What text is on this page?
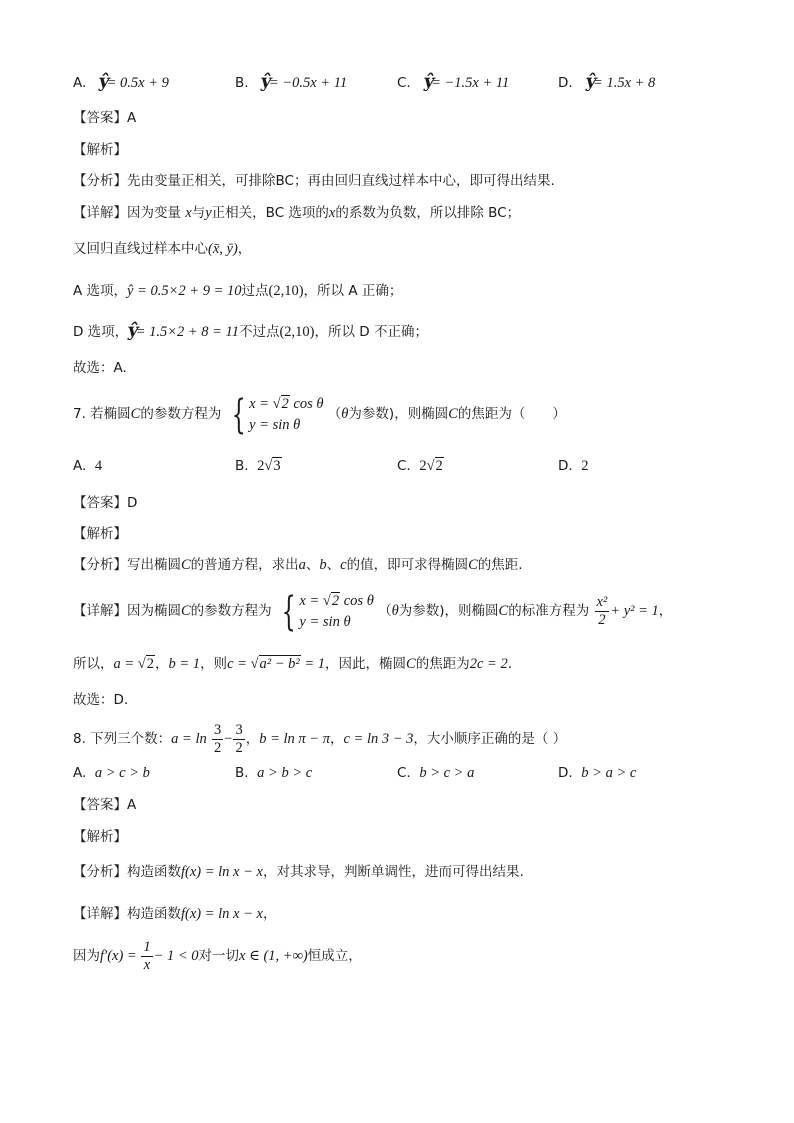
A. ŷ= 0.5x + 9	B. ŷ= −0.5x + 11	C. ŷ= −1.5x + 11	D. ŷ= 1.5x + 8
【答案】A
【解析】
【分析】先由变量正相关，可排除BC；再由回归直线过样本中心，即可得出结果.
【详解】因为变量 x与y正相关，BC 选项的x的系数为负数，所以排除 BC；
又回归直线过样本中心(x̄, ȳ)，
A 选项，ŷ = 0.5×2 + 9 = 10过点(2,10)，所以 A 正确；
D 选项，ŷ= 1.5×2 + 8 = 11不过点(2,10)，所以 D 不正确；
故选：A.
7. 若椭圆C的参数方程为 { x = √2 cos θ
y = sin θ
（θ为参数)，则椭圆C的焦距为（　　）
A. 4	B. 2√3	C. 2√2	D. 2
【答案】D
【解析】
【分析】写出椭圆C的普通方程，求出a、b、c的值，即可求得椭圆C的焦距.
【详解】因为椭圆C的参数方程为 { x = √2 cos θ
y = sin θ
（θ为参数)，则椭圆C的标准方程为 $\frac{\text{x²}}{2} + y^2 = 1$，
所以，a = √2，b = 1，则c = √a² − b² = 1，因此，椭圆C的焦距为2c = 2.
故选：D.
8. 下列三个数：$a = \ln \frac{3}{2} - \frac{3}{2}$ ，b = ln π − π，c = ln 3 − 3，大小顺序正确的是（ ）
A. a > c > b	B. a > b > c	C. b > c > a	D. b > a > c
【答案】A
【解析】
【分析】构造函数f(x) = ln x − x，对其求导，判断单调性，进而可得出结果.
【详解】构造函数f(x) = ln x − x，
因为$f'(x) = \frac{1}{x} - 1 < 0$对一切x ∈ (1, +∞)恒成立，
